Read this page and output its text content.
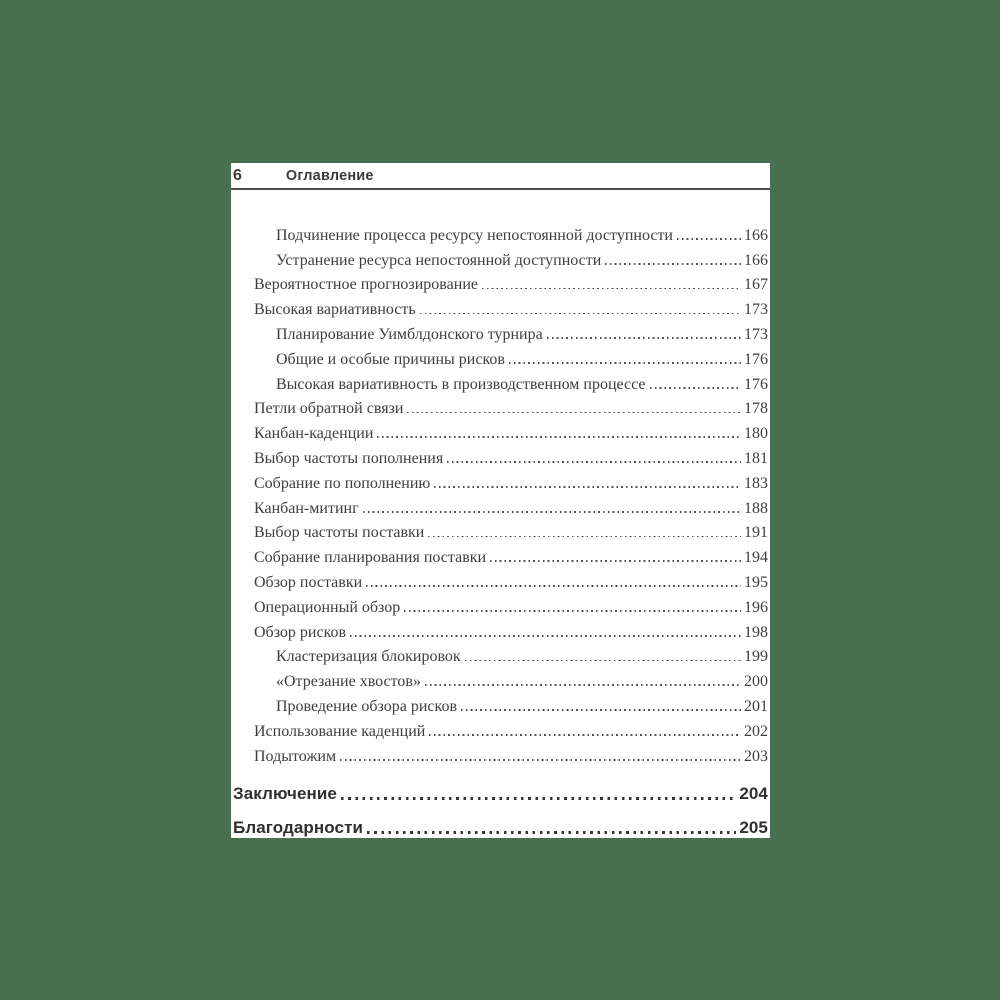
6	Оглавление
Подчинение процесса ресурсу непостоянной доступности	166
Устранение ресурса непостоянной доступности	166
Вероятностное прогнозирование	167
Высокая вариативность	173
Планирование Уимблдонского турнира	173
Общие и особые причины рисков	176
Высокая вариативность в производственном процессе	176
Петли обратной связи	178
Канбан-каденции	180
Выбор частоты пополнения	181
Собрание по пополнению	183
Канбан-митинг	188
Выбор частоты поставки	191
Собрание планирования поставки	194
Обзор поставки	195
Операционный обзор	196
Обзор рисков	198
Кластеризация блокировок	199
«Отрезание хвостов»	200
Проведение обзора рисков	201
Использование каденций	202
Подытожим	203
Заключение	204
Благодарности	205
